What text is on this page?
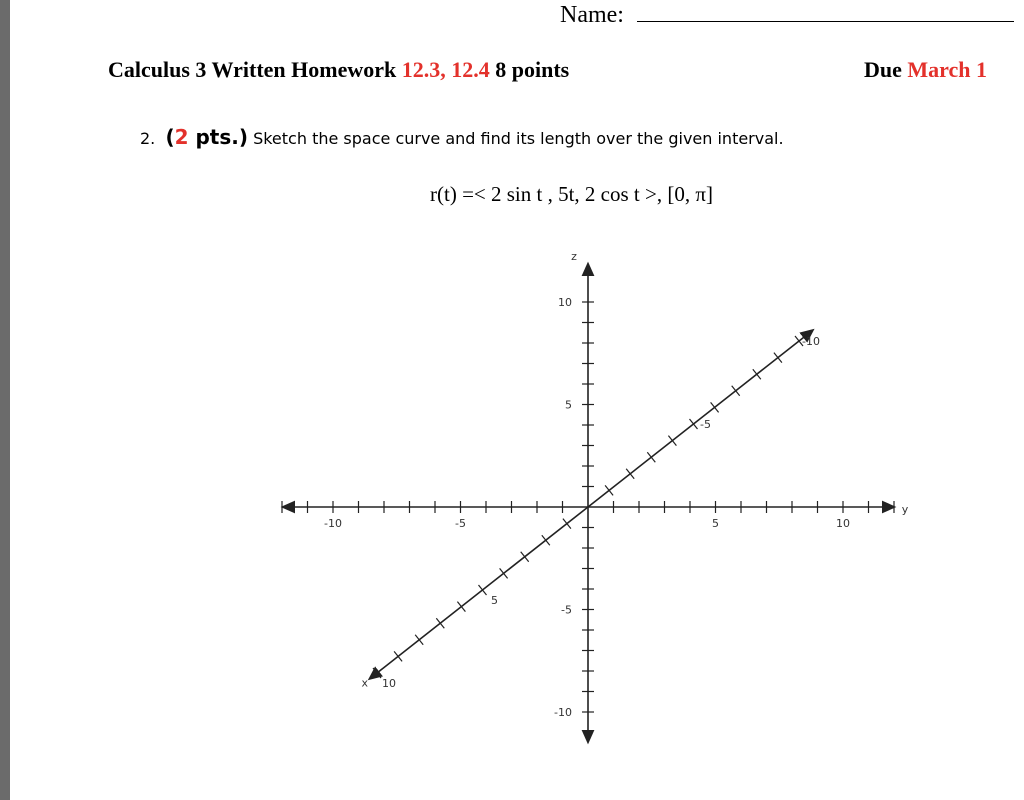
Name:
Calculus 3 Written Homework 12.3, 12.4 8 points	Due March 1
2. (2 pts.) Sketch the space curve and find its length over the given interval.
r(t) =< 2 sin t , 5t, 2 cos t >, [0, π]
10
5
-5
-10
-10	-5	5	10
-10
-5
5
10
z
y
x
